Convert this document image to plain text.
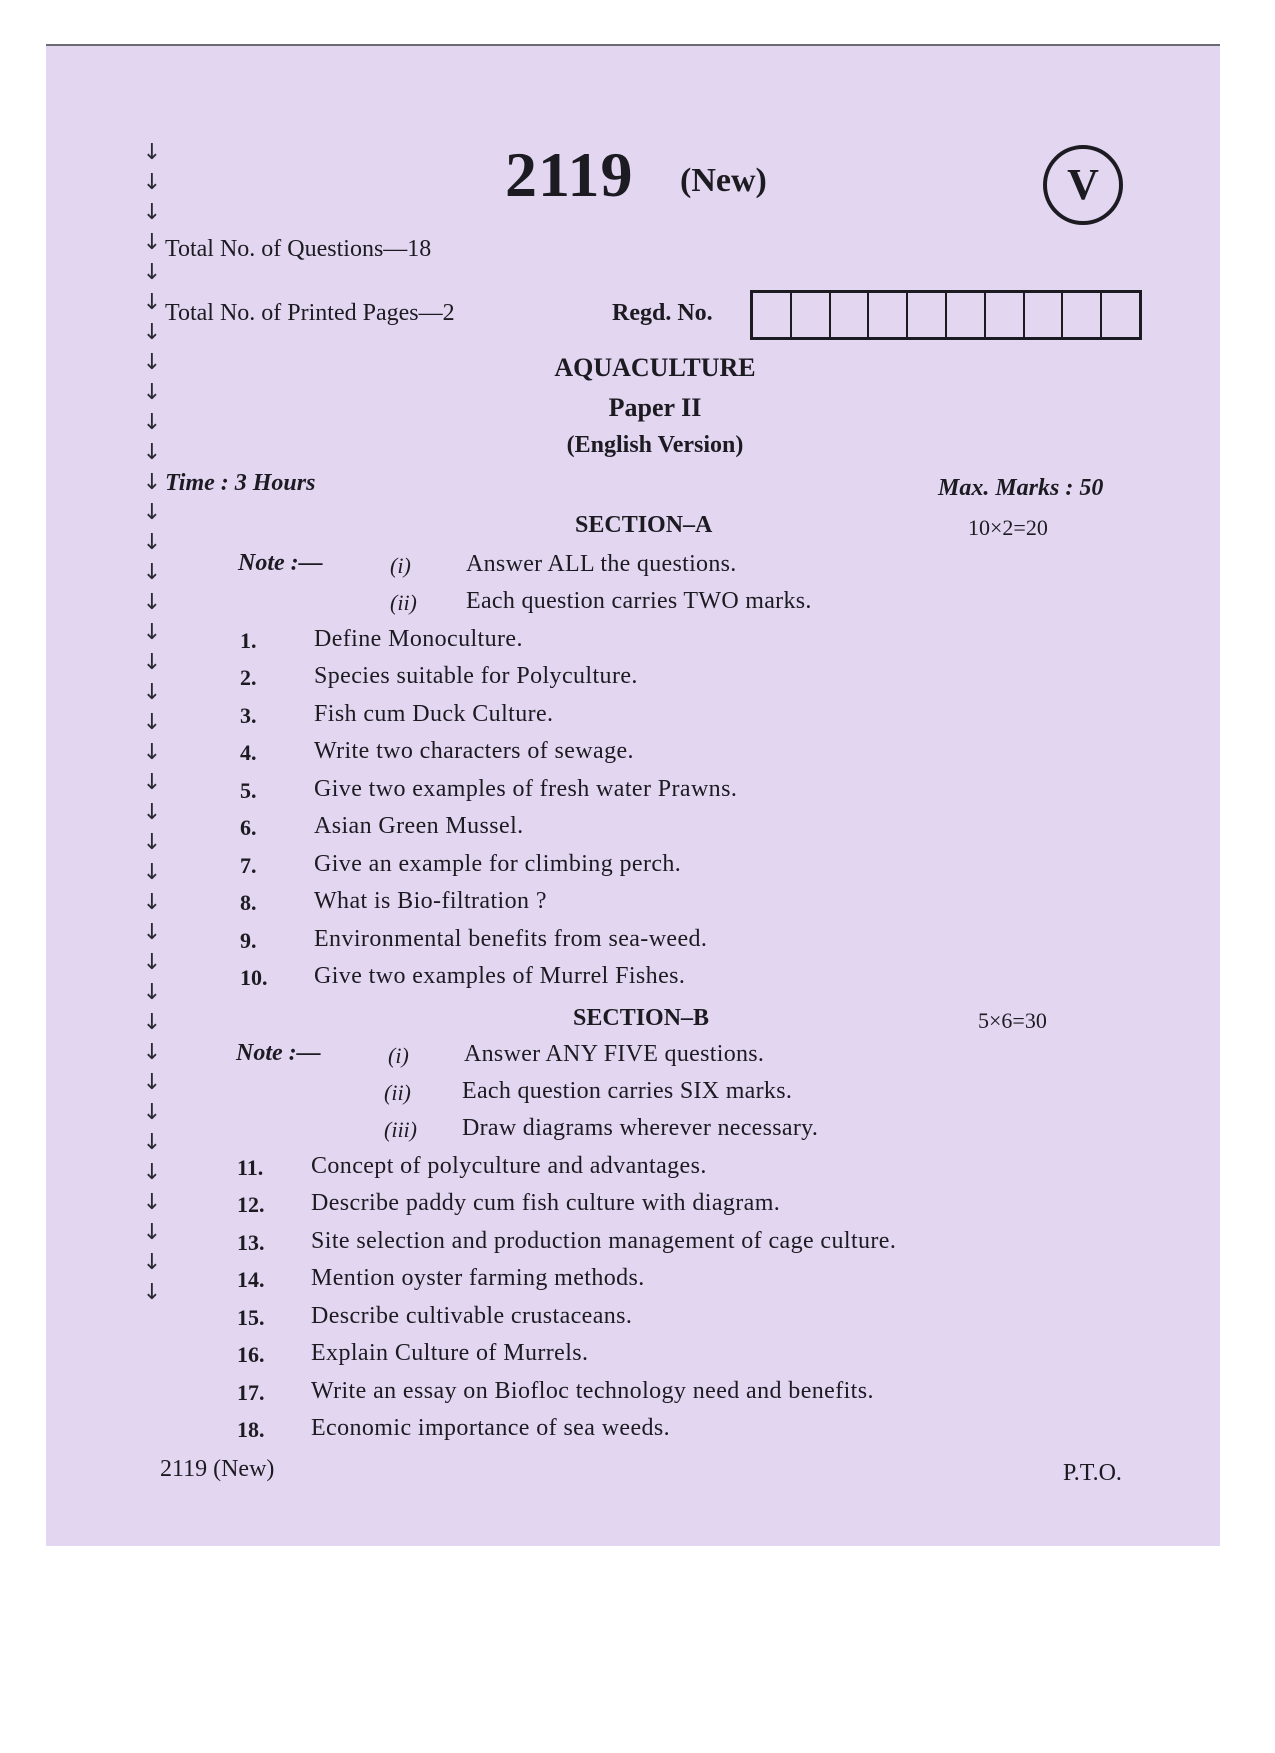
↓
↓
↓
↓
↓
↓
↓
↓
↓
↓
↓
↓
↓
↓
↓
↓
↓
↓
↓
↓
↓
↓
↓
↓
↓
↓
↓
↓
↓
↓
↓
↓
↓
↓
↓
↓
↓
↓
↓
2119 (New)	V
Total No. of Questions—18
Total No. of Printed Pages—2	Regd. No.
AQUACULTURE
Paper II
(English Version)
Time : 3 Hours	Max. Marks : 50
SECTION–A	10×2=20
Note :—	(i) Answer ALL the questions.
(ii) Each question carries TWO marks.
1. Define Monoculture.
2. Species suitable for Polyculture.
3. Fish cum Duck Culture.
4. Write two characters of sewage.
5. Give two examples of fresh water Prawns.
6. Asian Green Mussel.
7. Give an example for climbing perch.
8. What is Bio-filtration ?
9. Environmental benefits from sea-weed.
10. Give two examples of Murrel Fishes.
SECTION–B	5×6=30
Note :—	(i) Answer ANY FIVE questions.
(ii) Each question carries SIX marks.
(iii) Draw diagrams wherever necessary.
11. Concept of polyculture and advantages.
12. Describe paddy cum fish culture with diagram.
13. Site selection and production management of cage culture.
14. Mention oyster farming methods.
15. Describe cultivable crustaceans.
16. Explain Culture of Murrels.
17. Write an essay on Biofloc technology need and benefits.
18. Economic importance of sea weeds.
2119 (New)	P.T.O.
